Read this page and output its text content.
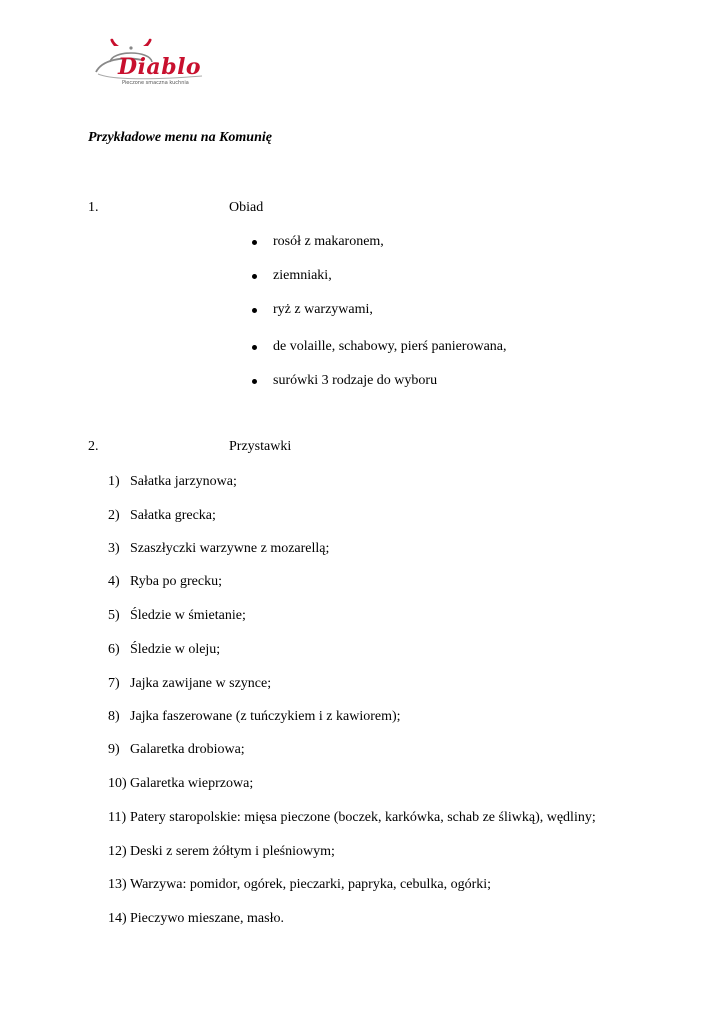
Diablo
Pieczone smaczna kuchnia
Przykładowe menu na Komunię
1.	Obiad
rosół z makaronem,
ziemniaki,
ryż z warzywami,
de volaille, schabowy, pierś panierowana,
surówki 3 rodzaje do wyboru
2.	Przystawki
1) Sałatka jarzynowa;
2) Sałatka grecka;
3) Szaszłyczki warzywne z mozarellą;
4) Ryba po grecku;
5) Śledzie w śmietanie;
6) Śledzie w oleju;
7) Jajka zawijane w szynce;
8) Jajka faszerowane (z tuńczykiem i z kawiorem);
9) Galaretka drobiowa;
10) Galaretka wieprzowa;
11) Patery staropolskie: mięsa pieczone (boczek, karkówka, schab ze śliwką), wędliny;
12) Deski z serem żółtym i pleśniowym;
13) Warzywa: pomidor, ogórek, pieczarki, papryka, cebulka, ogórki;
14) Pieczywo mieszane, masło.
